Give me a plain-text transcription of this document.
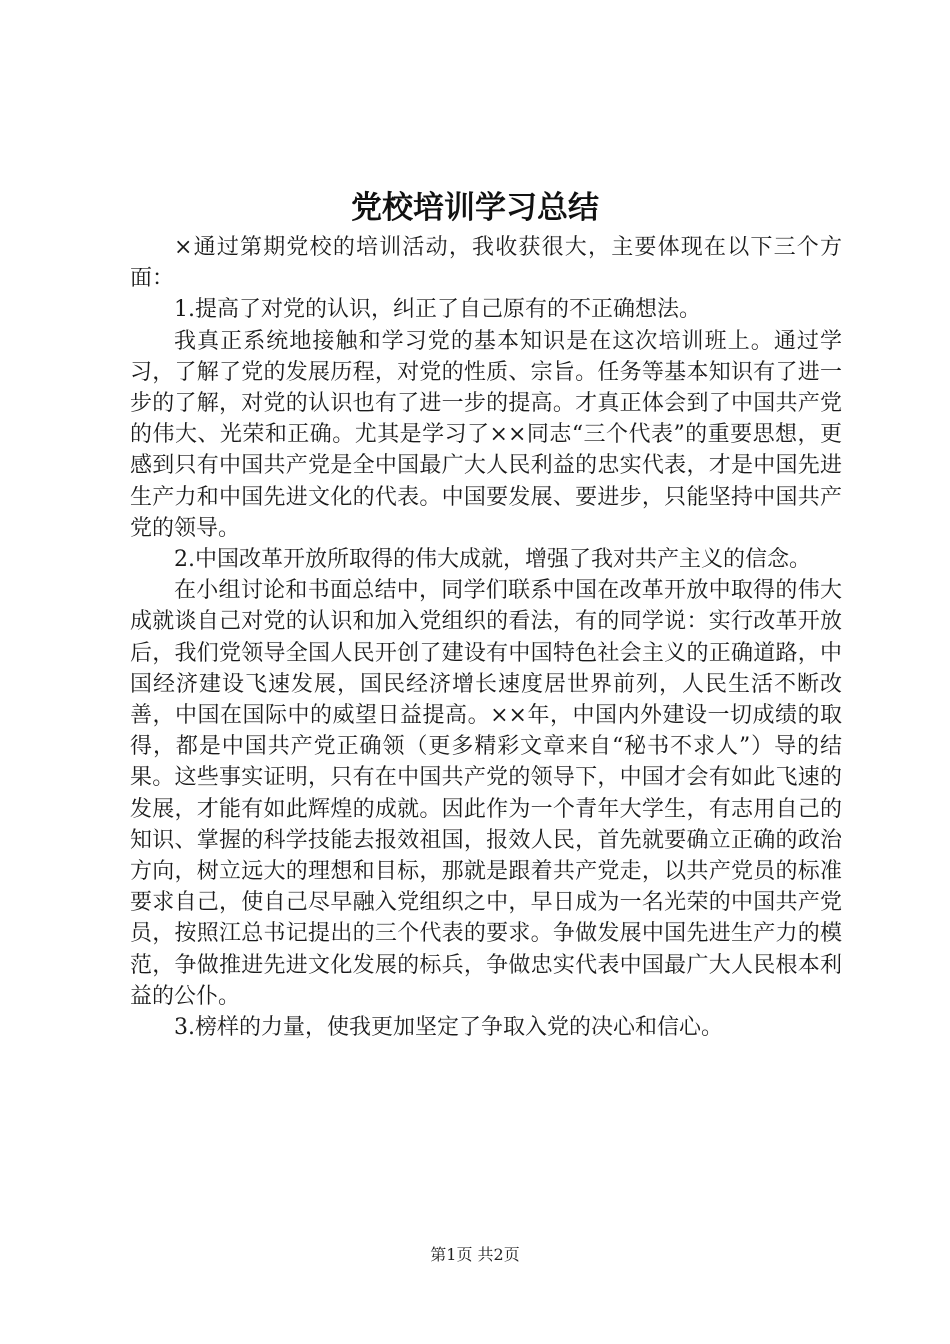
党校培训学习总结

×通过第期党校的培训活动，我收获很大，主要体现在以下三个方面：

1.提高了对党的认识，纠正了自己原有的不正确想法。

我真正系统地接触和学习党的基本知识是在这次培训班上。通过学习，了解了党的发展历程，对党的性质、宗旨。任务等基本知识有了进一步的了解，对党的认识也有了进一步的提高。才真正体会到了中国共产党的伟大、光荣和正确。尤其是学习了××同志“三个代表”的重要思想，更感到只有中国共产党是全中国最广大人民利益的忠实代表，才是中国先进生产力和中国先进文化的代表。中国要发展、要进步，只能坚持中国共产党的领导。

2.中国改革开放所取得的伟大成就，增强了我对共产主义的信念。

在小组讨论和书面总结中，同学们联系中国在改革开放中取得的伟大成就谈自己对党的认识和加入党组织的看法，有的同学说：实行改革开放后，我们党领导全国人民开创了建设有中国特色社会主义的正确道路，中国经济建设飞速发展，国民经济增长速度居世界前列，人民生活不断改善，中国在国际中的威望日益提高。××年，中国内外建设一切成绩的取得，都是中国共产党正确领（更多精彩文章来自“秘书不求人”）导的结果。这些事实证明，只有在中国共产党的领导下，中国才会有如此飞速的发展，才能有如此辉煌的成就。因此作为一个青年大学生，有志用自己的知识、掌握的科学技能去报效祖国，报效人民，首先就要确立正确的政治方向，树立远大的理想和目标，那就是跟着共产党走，以共产党员的标准要求自己，使自己尽早融入党组织之中，早日成为一名光荣的中国共产党员，按照江总书记提出的三个代表的要求。争做发展中国先进生产力的模范，争做推进先进文化发展的标兵，争做忠实代表中国最广大人民根本利益的公仆。

3.榜样的力量，使我更加坚定了争取入党的决心和信心。

第1页 共2页
